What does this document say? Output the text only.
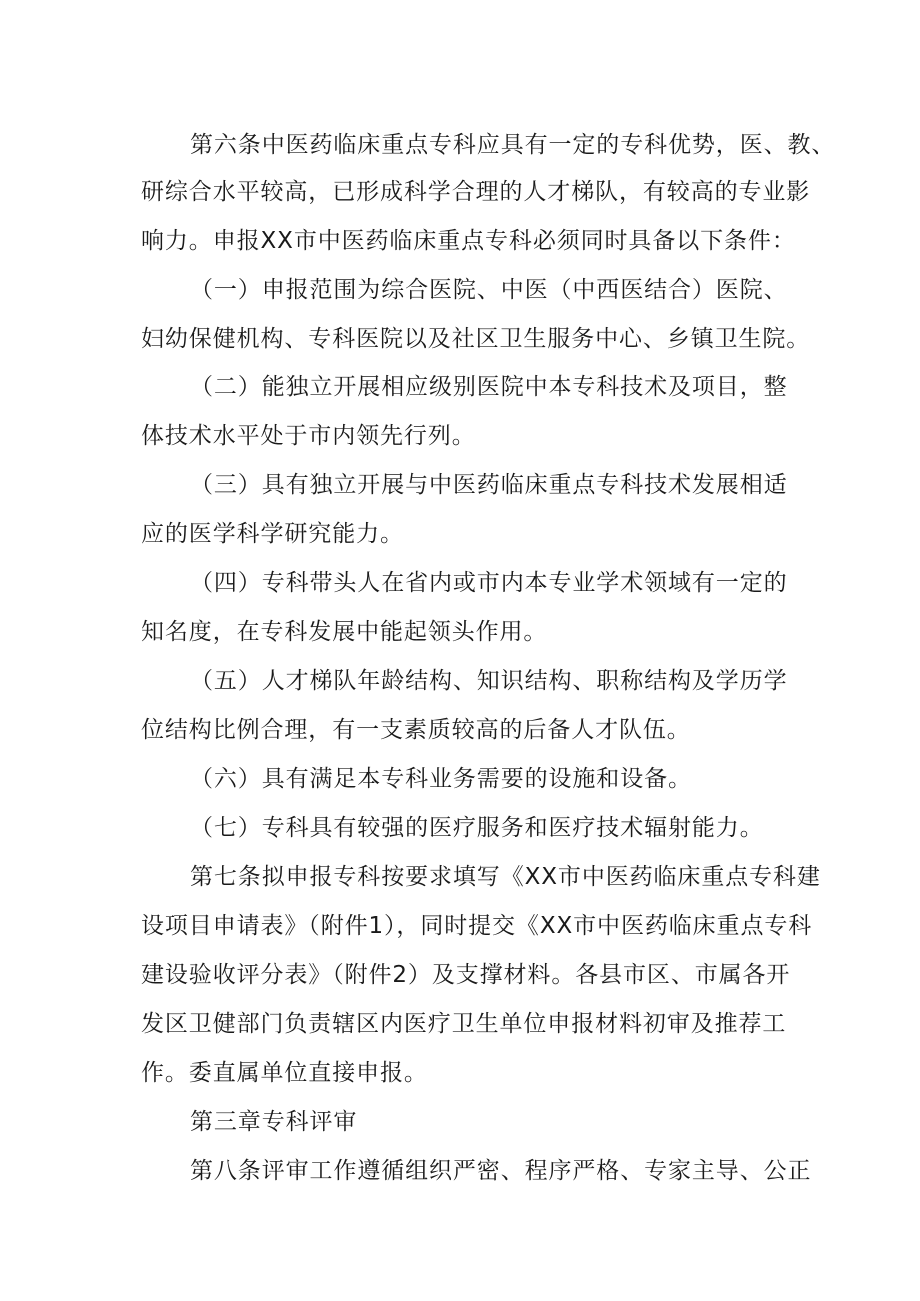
第六条中医药临床重点专科应具有一定的专科优势，医、教、
研综合水平较高，已形成科学合理的人才梯队，有较高的专业影
响力。申报XX市中医药临床重点专科必须同时具备以下条件：
（一）申报范围为综合医院、中医（中西医结合）医院、
妇幼保健机构、专科医院以及社区卫生服务中心、乡镇卫生院。
（二）能独立开展相应级别医院中本专科技术及项目，整
体技术水平处于市内领先行列。
（三）具有独立开展与中医药临床重点专科技术发展相适
应的医学科学研究能力。
（四）专科带头人在省内或市内本专业学术领域有一定的
知名度，在专科发展中能起领头作用。
（五）人才梯队年龄结构、知识结构、职称结构及学历学
位结构比例合理，有一支素质较高的后备人才队伍。
（六）具有满足本专科业务需要的设施和设备。
（七）专科具有较强的医疗服务和医疗技术辐射能力。
第七条拟申报专科按要求填写《XX市中医药临床重点专科建
设项目申请表》（附件1），同时提交《XX市中医药临床重点专科
建设验收评分表》（附件2）及支撑材料。各县市区、市属各开
发区卫健部门负责辖区内医疗卫生单位申报材料初审及推荐工
作。委直属单位直接申报。
第三章专科评审
第八条评审工作遵循组织严密、程序严格、专家主导、公正
